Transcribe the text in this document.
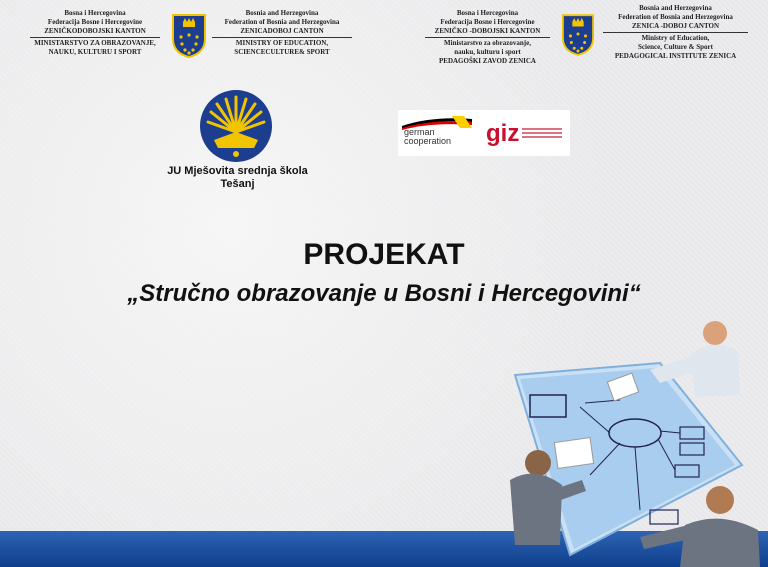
Bosna i Hercegovina
Federacija Bosne i Hercegovine
ZENIČKODOBOJSKI KANTON
MINISTARSTVO ZA OBRAZOVANJE,
NAUKU, KULTURU I SPORT
Bosnia and Herzegovina
Federation of Bosnia and Herzegovina
ZENICADOBOJ CANTON
MINISTRY OF EDUCATION,
SCIENCECULTURE& SPORT
Bosna i Hercegovina
Federacija Bosne i Hercegovine
ZENIČKO -DOBOJSKI KANTON
Ministarstvo za obrazovanje,
nauku, kulturu i sport
PEDAGOŠKI ZAVOD ZENICA
Bosnia and Herzegovina
Federation of Bosnia and Herzegovina
ZENICA -DOBOJ CANTON
Ministry of Education,
Science, Culture & Sport
PEDAGOGICAL INSTITUTE ZENICA
JU Mješovita srednja škola
Tešanj
german
cooperation giz
PROJEKAT
„Stručno obrazovanje u Bosni i Hercegovini“
